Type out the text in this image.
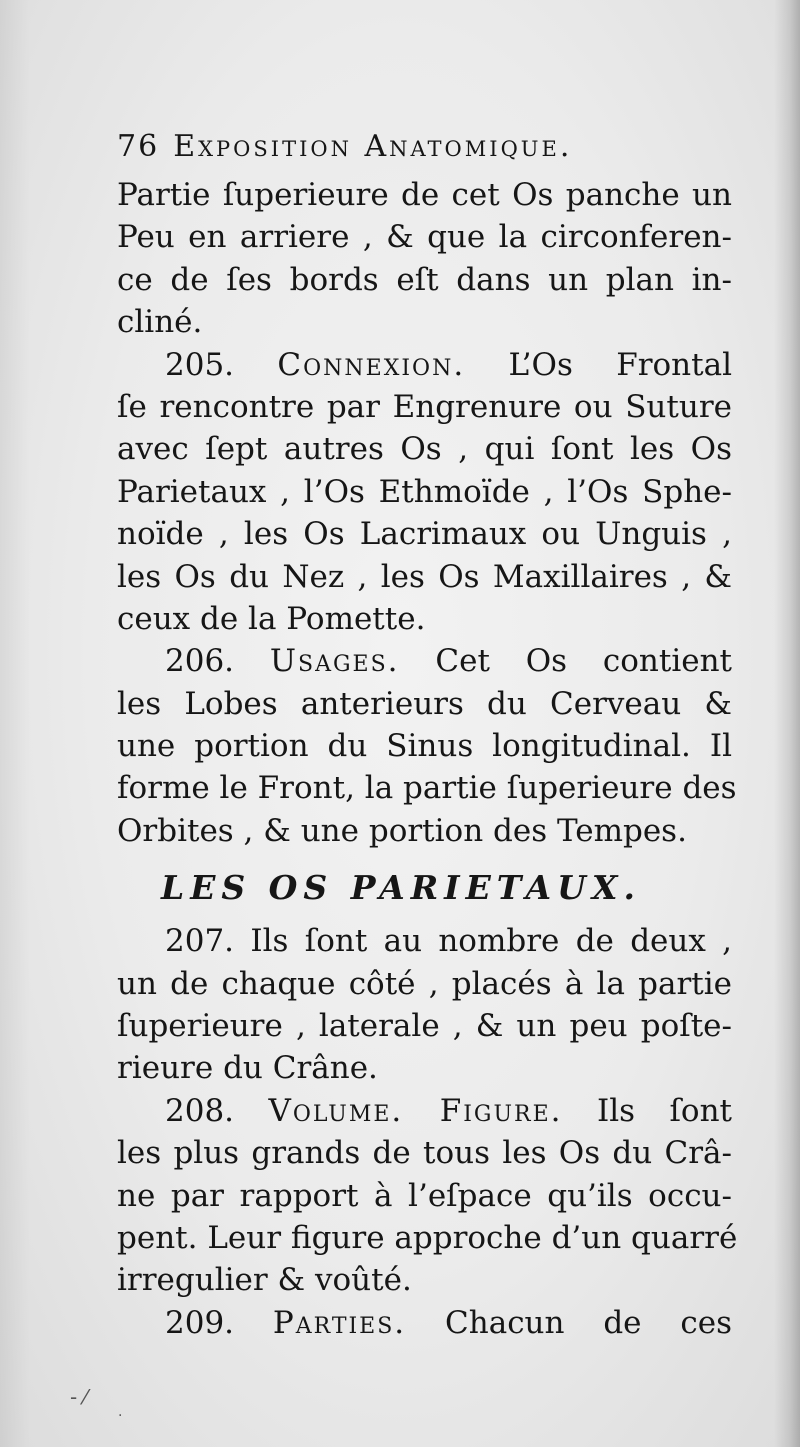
76 Exposition Anatomique.
Partie ſuperieure de cet Os panche un
Peu en arriere , & que la circonferen-
ce de ſes bords eſt dans un plan in-
cliné.
205. Connexion. L’Os Frontal
ſe rencontre par Engrenure ou Suture
avec ſept autres Os , qui ſont les Os
Parietaux , l’Os Ethmoïde , l’Os Sphe-
noïde , les Os Lacrimaux ou Unguis ,
les Os du Nez , les Os Maxillaires , &
ceux de la Pomette.
206. Usages. Cet Os contient
les Lobes anterieurs du Cerveau &
une portion du Sinus longitudinal. Il
forme le Front, la partie ſuperieure des
Orbites , & une portion des Tempes.
LES OS PARIETAUX.
207. Ils ſont au nombre de deux ,
un de chaque côté , placés à la partie
ſuperieure , laterale , & un peu poſte-
rieure du Crâne.
208. Volume. Figure. Ils ſont
les plus grands de tous les Os du Crâ-
ne par rapport à l’eſpace qu’ils occu-
pent. Leur figure approche d’un quarré
irregulier & voûté.
209. Parties. Chacun de ces
- ⁄
·
